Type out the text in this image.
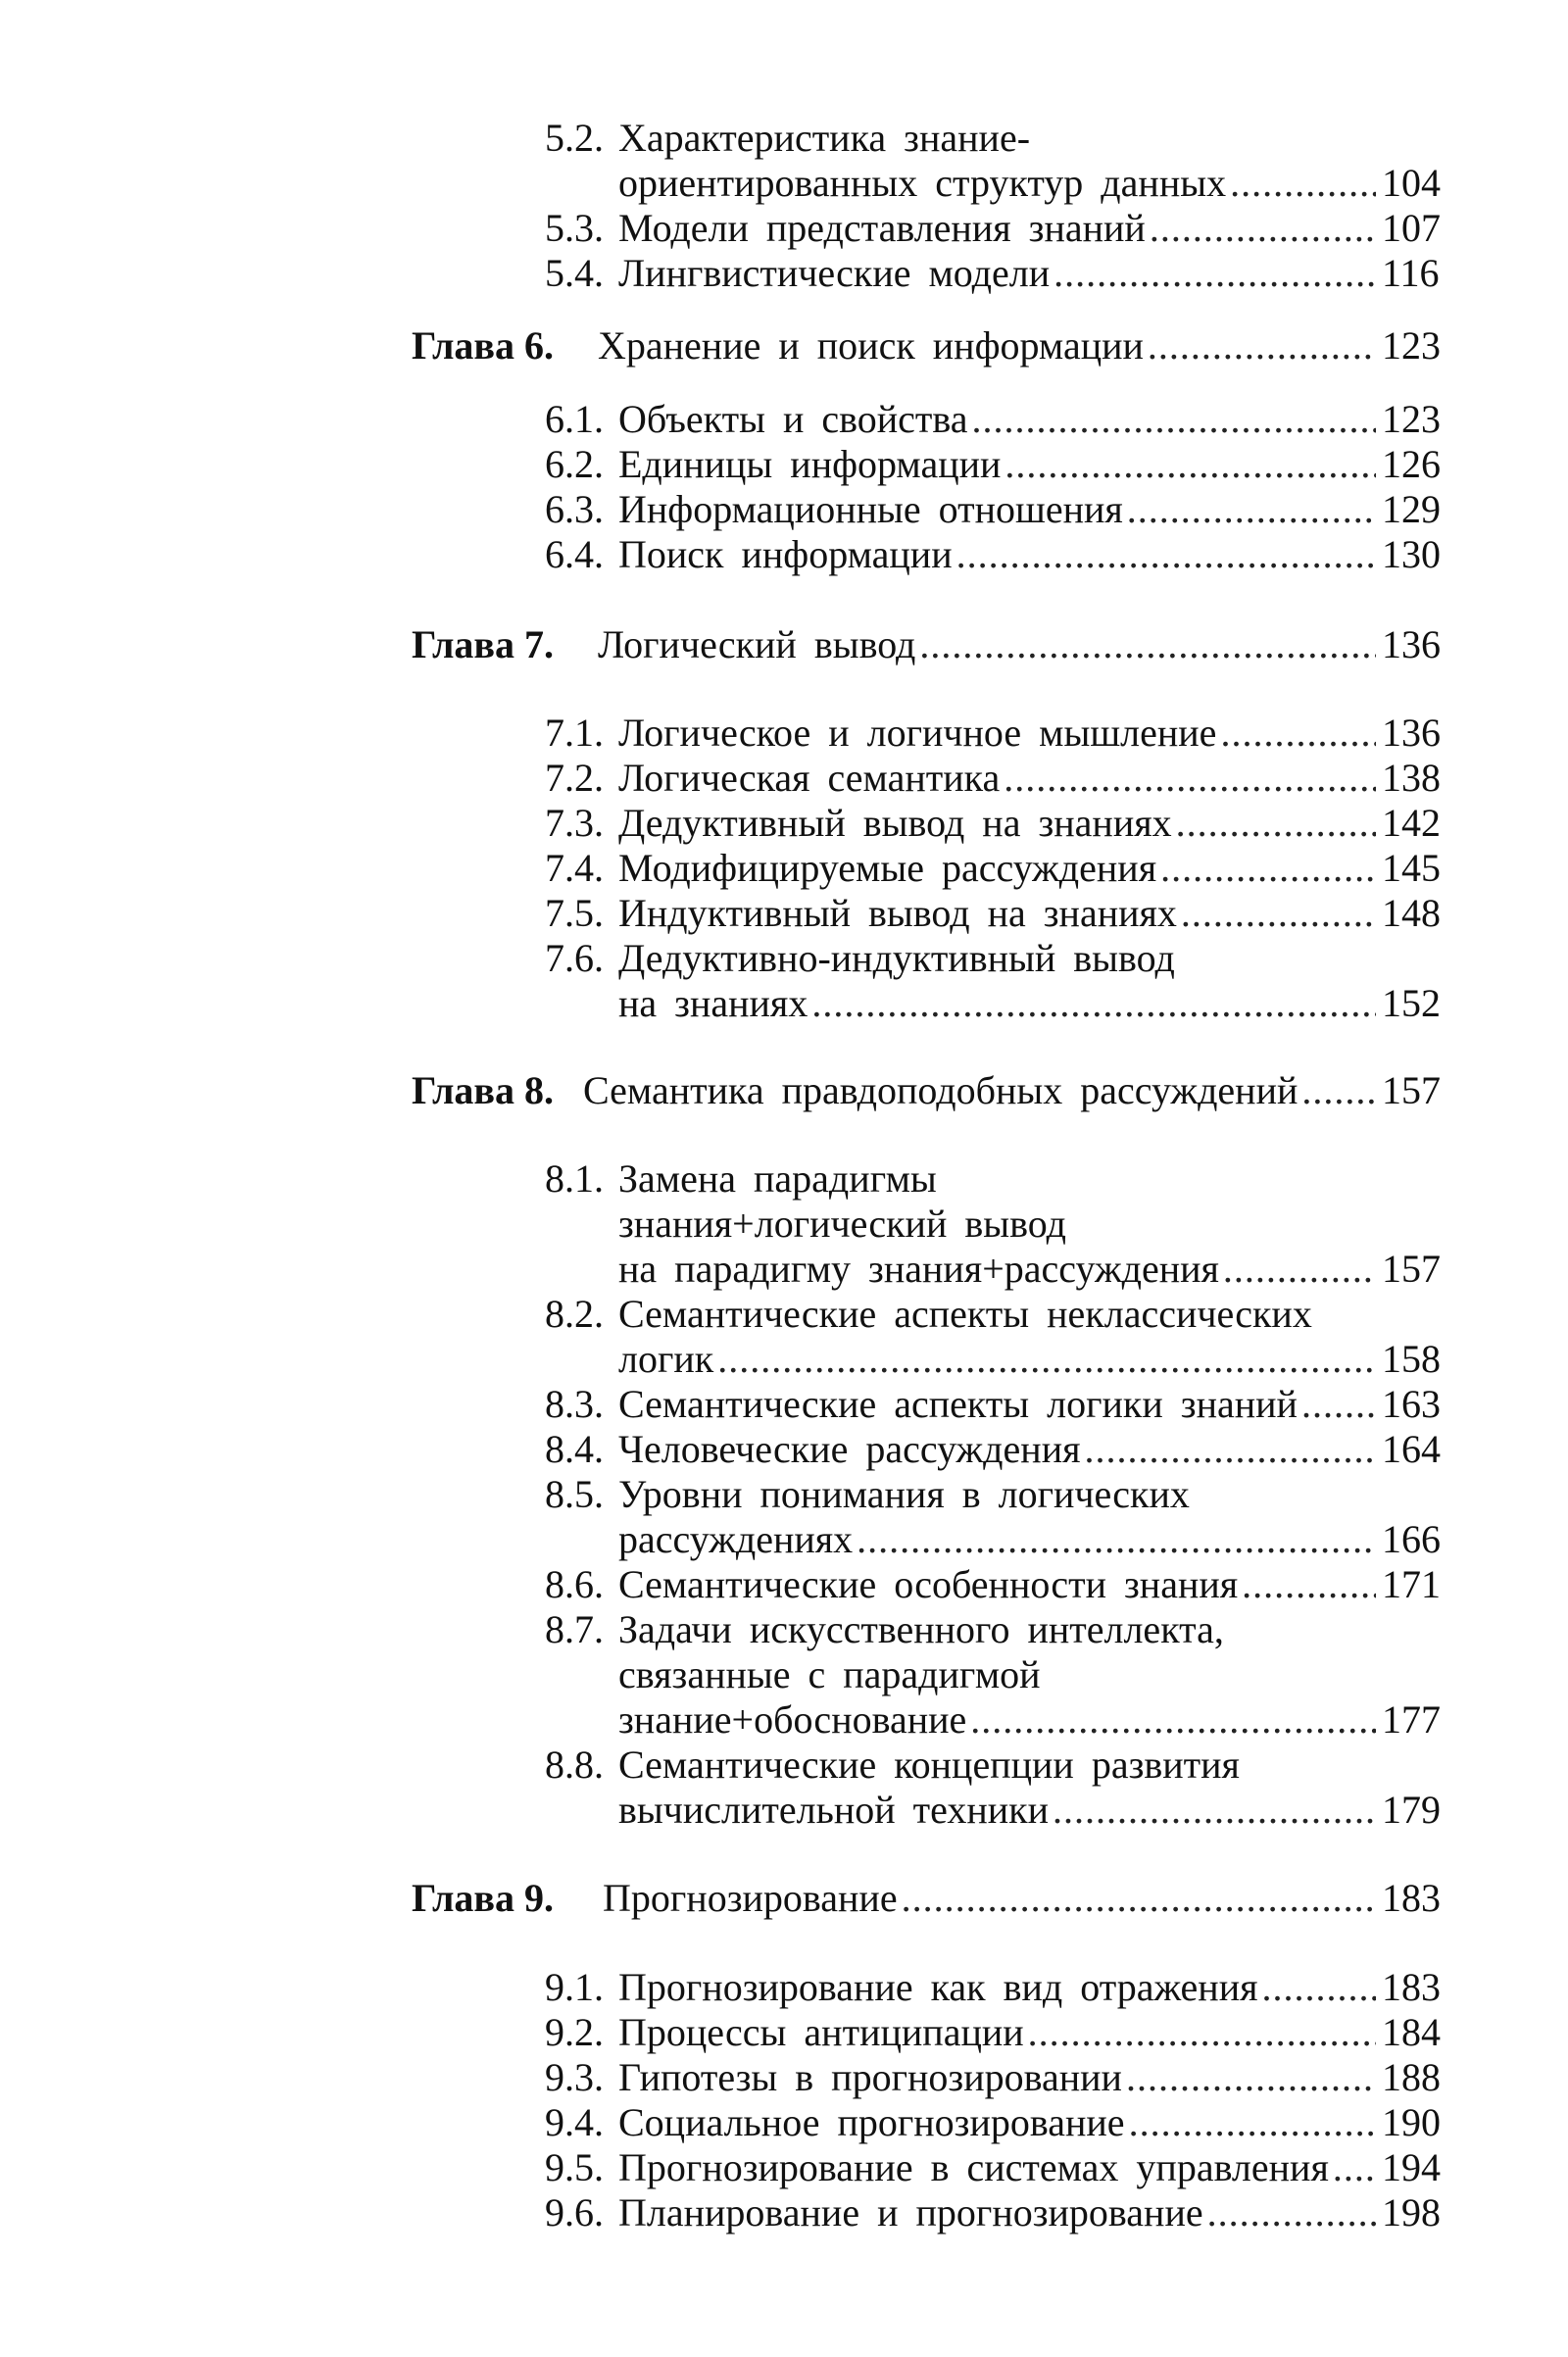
5.2. Характеристика знание-
ориентированных структур данных .....	104
5.3. Модели представления знаний .....	107
5.4. Лингвистические модели .....	116
Глава 6. Хранение и поиск информации .....	123
6.1. Объекты и свойства .....	123
6.2. Единицы информации .....	126
6.3. Информационные отношения .....	129
6.4. Поиск информации .....	130
Глава 7. Логический вывод .....	136
7.1. Логическое и логичное мышление .....	136
7.2. Логическая семантика .....	138
7.3. Дедуктивный вывод на знаниях .....	142
7.4. Модифицируемые рассуждения .....	145
7.5. Индуктивный вывод на знаниях .....	148
7.6. Дедуктивно-индуктивный вывод
на знаниях .....	152
Глава 8. Семантика правдоподобных рассуждений ..... 157
8.1. Замена парадигмы
знания+логический вывод
на парадигму знания+рассуждения .....	157
8.2. Семантические аспекты неклассических
логик .....	158
8.3. Семантические аспекты логики знаний ..... 163
8.4. Человеческие рассуждения .....	164
8.5. Уровни понимания в логических
рассуждениях .....	166
8.6. Семантические особенности знания .....	171
8.7. Задачи искусственного интеллекта,
связанные с парадигмой
знание+обоснование .....	177
8.8. Семантические концепции развития
вычислительной техники .....	179
Глава 9. Прогнозирование .....	183
9.1. Прогнозирование как вид отражения .....	183
9.2. Процессы антиципации .....	184
9.3. Гипотезы в прогнозировании .....	188
9.4. Социальное прогнозирование .....	190
9.5. Прогнозирование в системах управления ..... 194
9.6. Планирование и прогнозирование .....	198
